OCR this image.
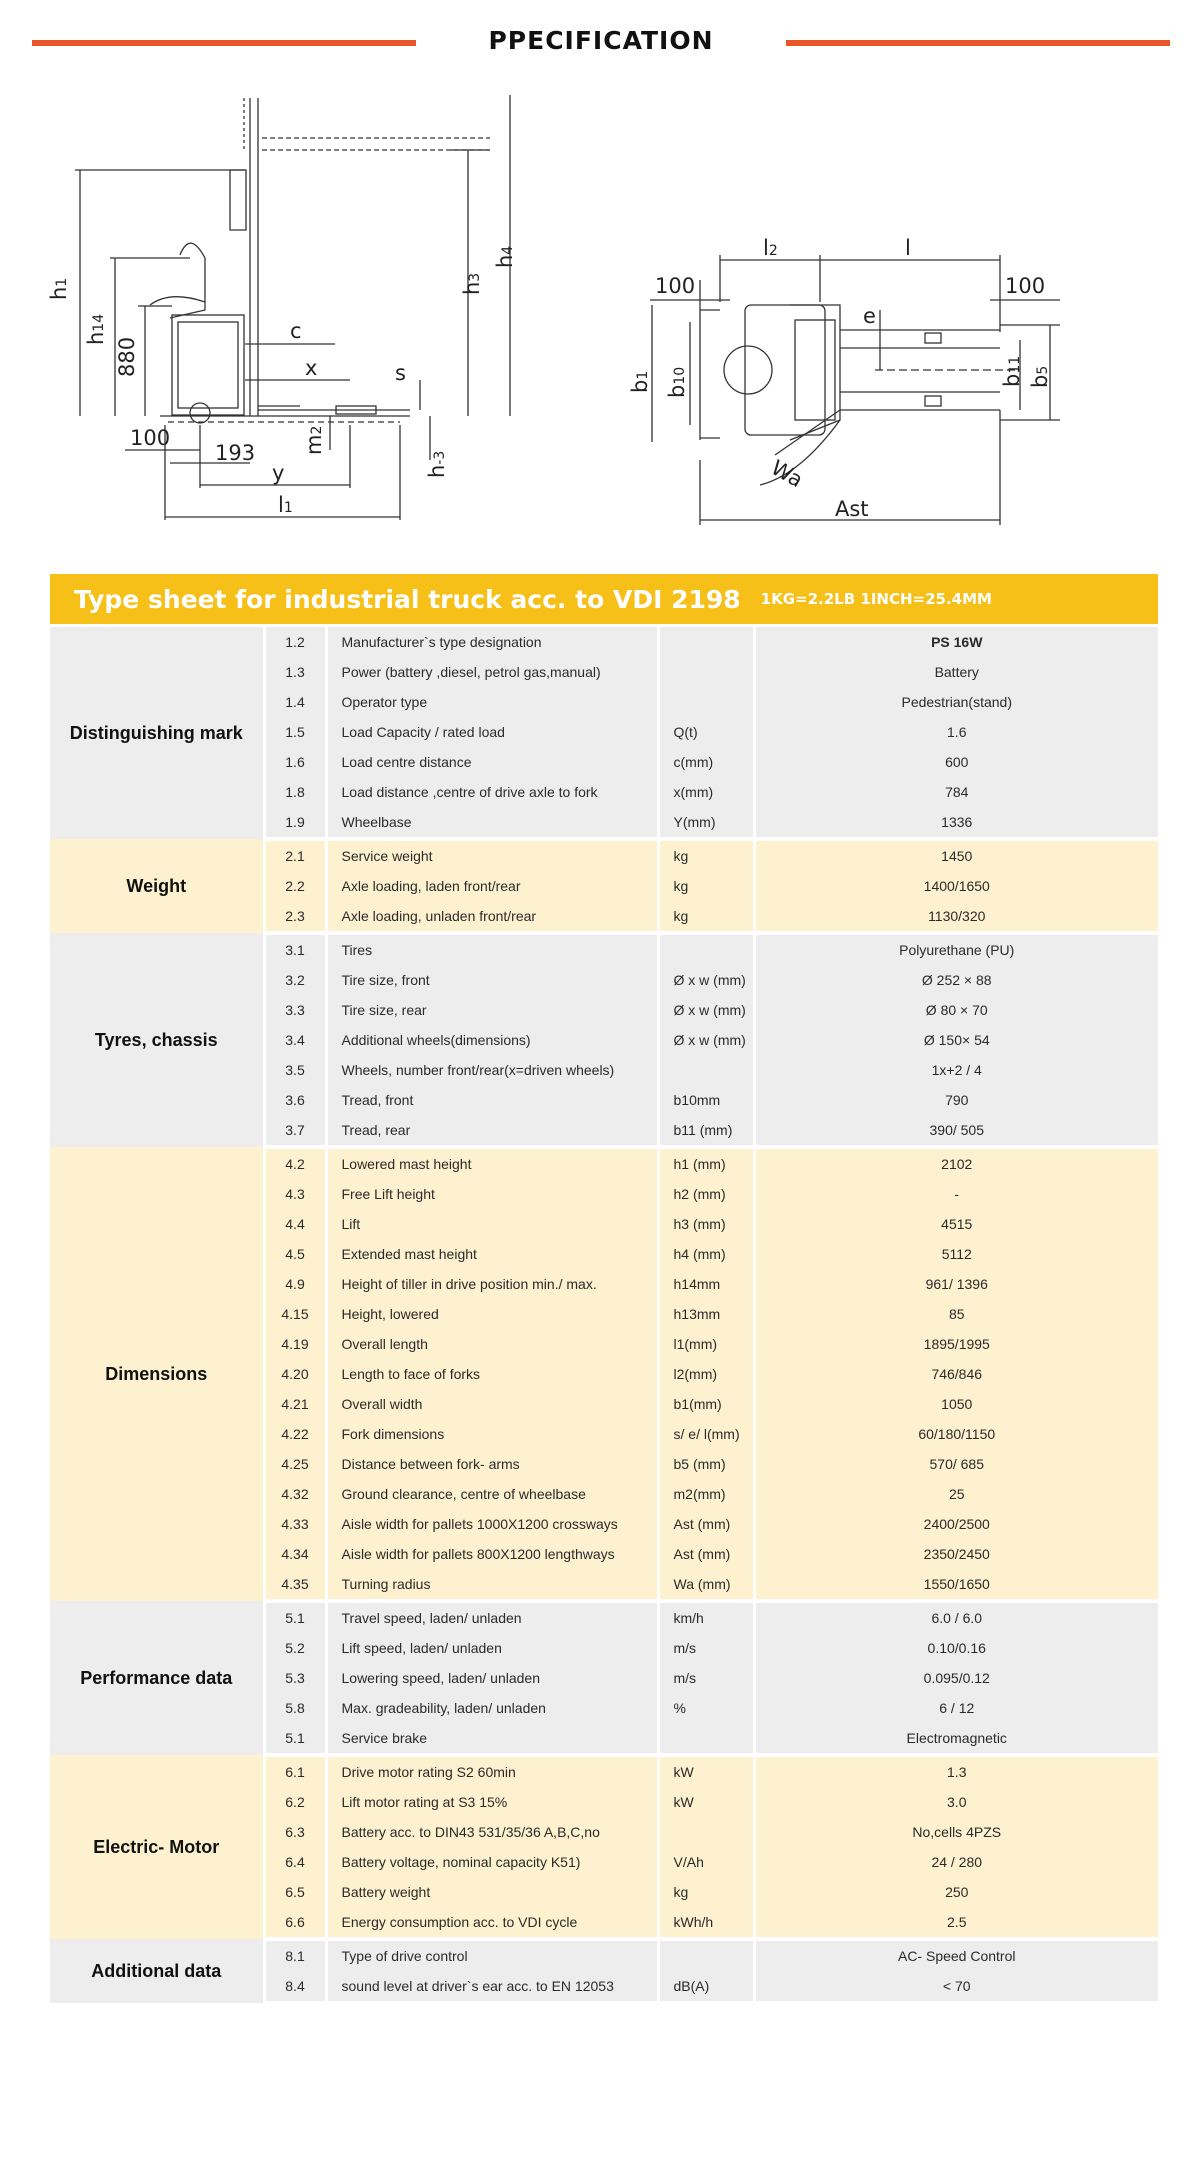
PPECIFICATION
h1
h14
880
c
x	s
h3
h4
m2
h-3
100
193
y
l1
l2	l
100	100
e
b1
b10	b11
b5
Wa
Ast
Type sheet for industrial truck acc. to VDI 2198 1KG=2.2LB 1INCH=25.4MM
Distinguishing mark	1.2	Manufacturer`s type designation		PS 16W
	1.3	Power (battery ,diesel, petrol gas,manual)		Battery
	1.4	Operator type		Pedestrian(stand)
	1.5	Load Capacity / rated load	Q(t)	1.6
	1.6	Load centre distance	c(mm)	600
	1.8	Load distance ,centre of drive axle to fork	x(mm)	784
	1.9	Wheelbase	Y(mm)	1336
Weight	2.1	Service weight	kg	1450
	2.2	Axle loading, laden front/rear	kg	1400/1650
	2.3	Axle loading, unladen front/rear	kg	1130/320
Tyres, chassis	3.1	Tires		Polyurethane (PU)
	3.2	Tire size, front	Ø x w (mm)	Ø 252 × 88
	3.3	Tire size, rear	Ø x w (mm)	Ø 80 × 70
	3.4	Additional wheels(dimensions)	Ø x w (mm)	Ø 150× 54
	3.5	Wheels, number front/rear(x=driven wheels)		1x+2 / 4
	3.6	Tread, front	b10mm	790
	3.7	Tread, rear	b11 (mm)	390/ 505
Dimensions	4.2	Lowered mast height	h1 (mm)	2102
	4.3	Free Lift height	h2 (mm)	-
	4.4	Lift	h3 (mm)	4515
	4.5	Extended mast height	h4 (mm)	5112
	4.9	Height of tiller in drive position min./ max.	h14mm	961/ 1396
	4.15	Height, lowered	h13mm	85
	4.19	Overall length	l1(mm)	1895/1995
	4.20	Length to face of forks	l2(mm)	746/846
	4.21	Overall width	b1(mm)	1050
	4.22	Fork dimensions	s/ e/ l(mm)	60/180/1150
	4.25	Distance between fork- arms	b5 (mm)	570/ 685
	4.32	Ground clearance, centre of wheelbase	m2(mm)	25
	4.33	Aisle width for pallets 1000X1200 crossways	Ast (mm)	2400/2500
	4.34	Aisle width for pallets 800X1200 lengthways	Ast (mm)	2350/2450
	4.35	Turning radius	Wa (mm)	1550/1650
Performance data	5.1	Travel speed, laden/ unladen	km/h	6.0 / 6.0
	5.2	Lift speed, laden/ unladen	m/s	0.10/0.16
	5.3	Lowering speed, laden/ unladen	m/s	0.095/0.12
	5.8	Max. gradeability, laden/ unladen	%	6 / 12
	5.1	Service brake		Electromagnetic
Electric- Motor	6.1	Drive motor rating S2 60min	kW	1.3
	6.2	Lift motor rating at S3 15%	kW	3.0
	6.3	Battery acc. to DIN43 531/35/36 A,B,C,no		No,cells 4PZS
	6.4	Battery voltage, nominal capacity K51)	V/Ah	24 / 280
	6.5	Battery weight	kg	250
	6.6	Energy consumption acc. to VDI cycle	kWh/h	2.5
Additional data	8.1	Type of drive control		AC- Speed Control
	8.4	sound level at driver`s ear acc. to EN 12053	dB(A)	< 70
